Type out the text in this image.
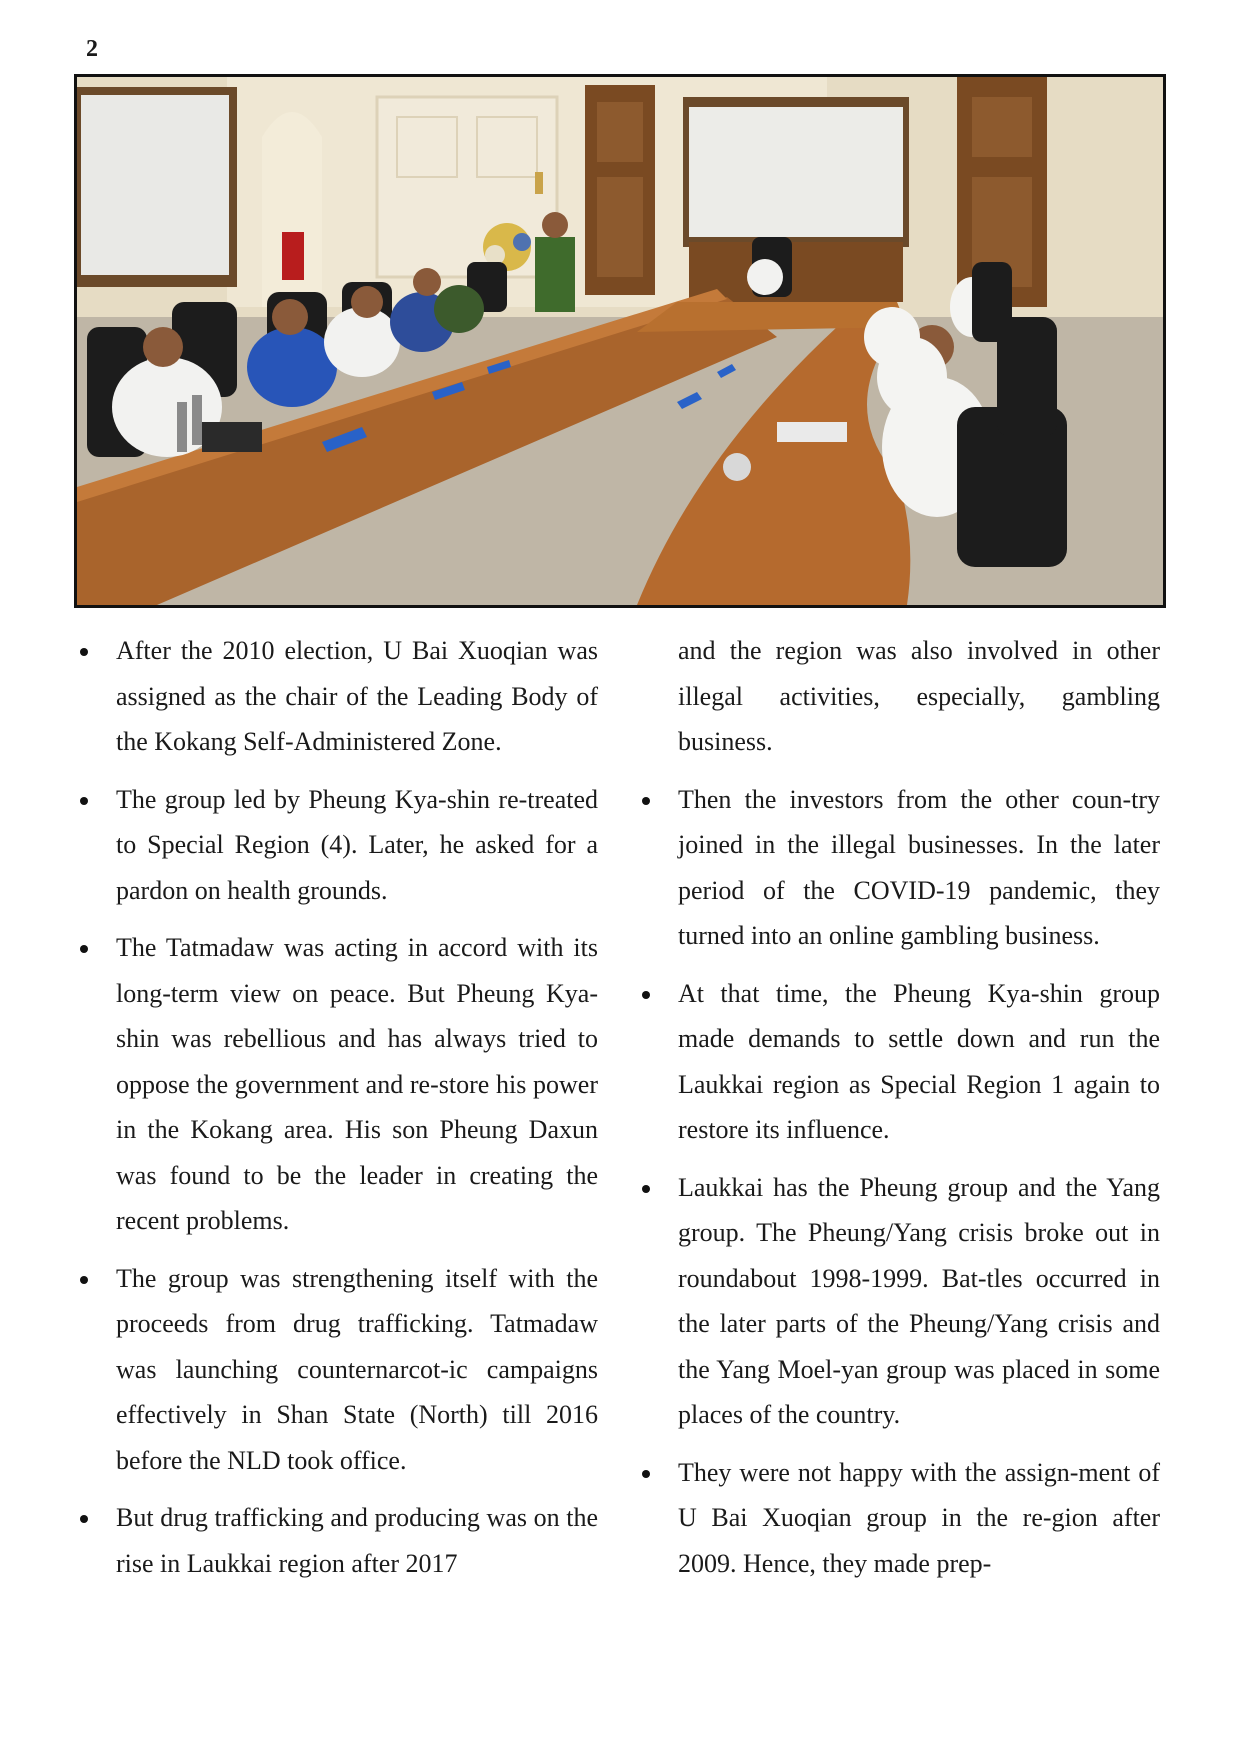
2
After the 2010 election, U Bai Xuoqian was assigned as the chair of the Leading Body of the Kokang Self-Administered Zone.
The group led by Pheung Kya-shin re-treated to Special Region (4). Later, he asked for a pardon on health grounds.
The Tatmadaw was acting in accord with its long-term view on peace. But Pheung Kya-shin was rebellious and has always tried to oppose the government and re-store his power in the Kokang area. His son Pheung Daxun was found to be the leader in creating the recent problems.
The group was strengthening itself with the proceeds from drug trafficking. Tatmadaw was launching counternarcot-ic campaigns effectively in Shan State (North) till 2016 before the NLD took office.
But drug trafficking and producing was on the rise in Laukkai region after 2017
and the region was also involved in other illegal activities, especially, gambling business.
Then the investors from the other coun-try joined in the illegal businesses. In the later period of the COVID-19 pandemic, they turned into an online gambling business.
At that time, the Pheung Kya-shin group made demands to settle down and run the Laukkai region as Special Region 1 again to restore its influence.
Laukkai has the Pheung group and the Yang group. The Pheung/Yang crisis broke out in roundabout 1998-1999. Bat-tles occurred in the later parts of the Pheung/Yang crisis and the Yang Moel-yan group was placed in some places of the country.
They were not happy with the assign-ment of U Bai Xuoqian group in the re-gion after 2009. Hence, they made prep-
